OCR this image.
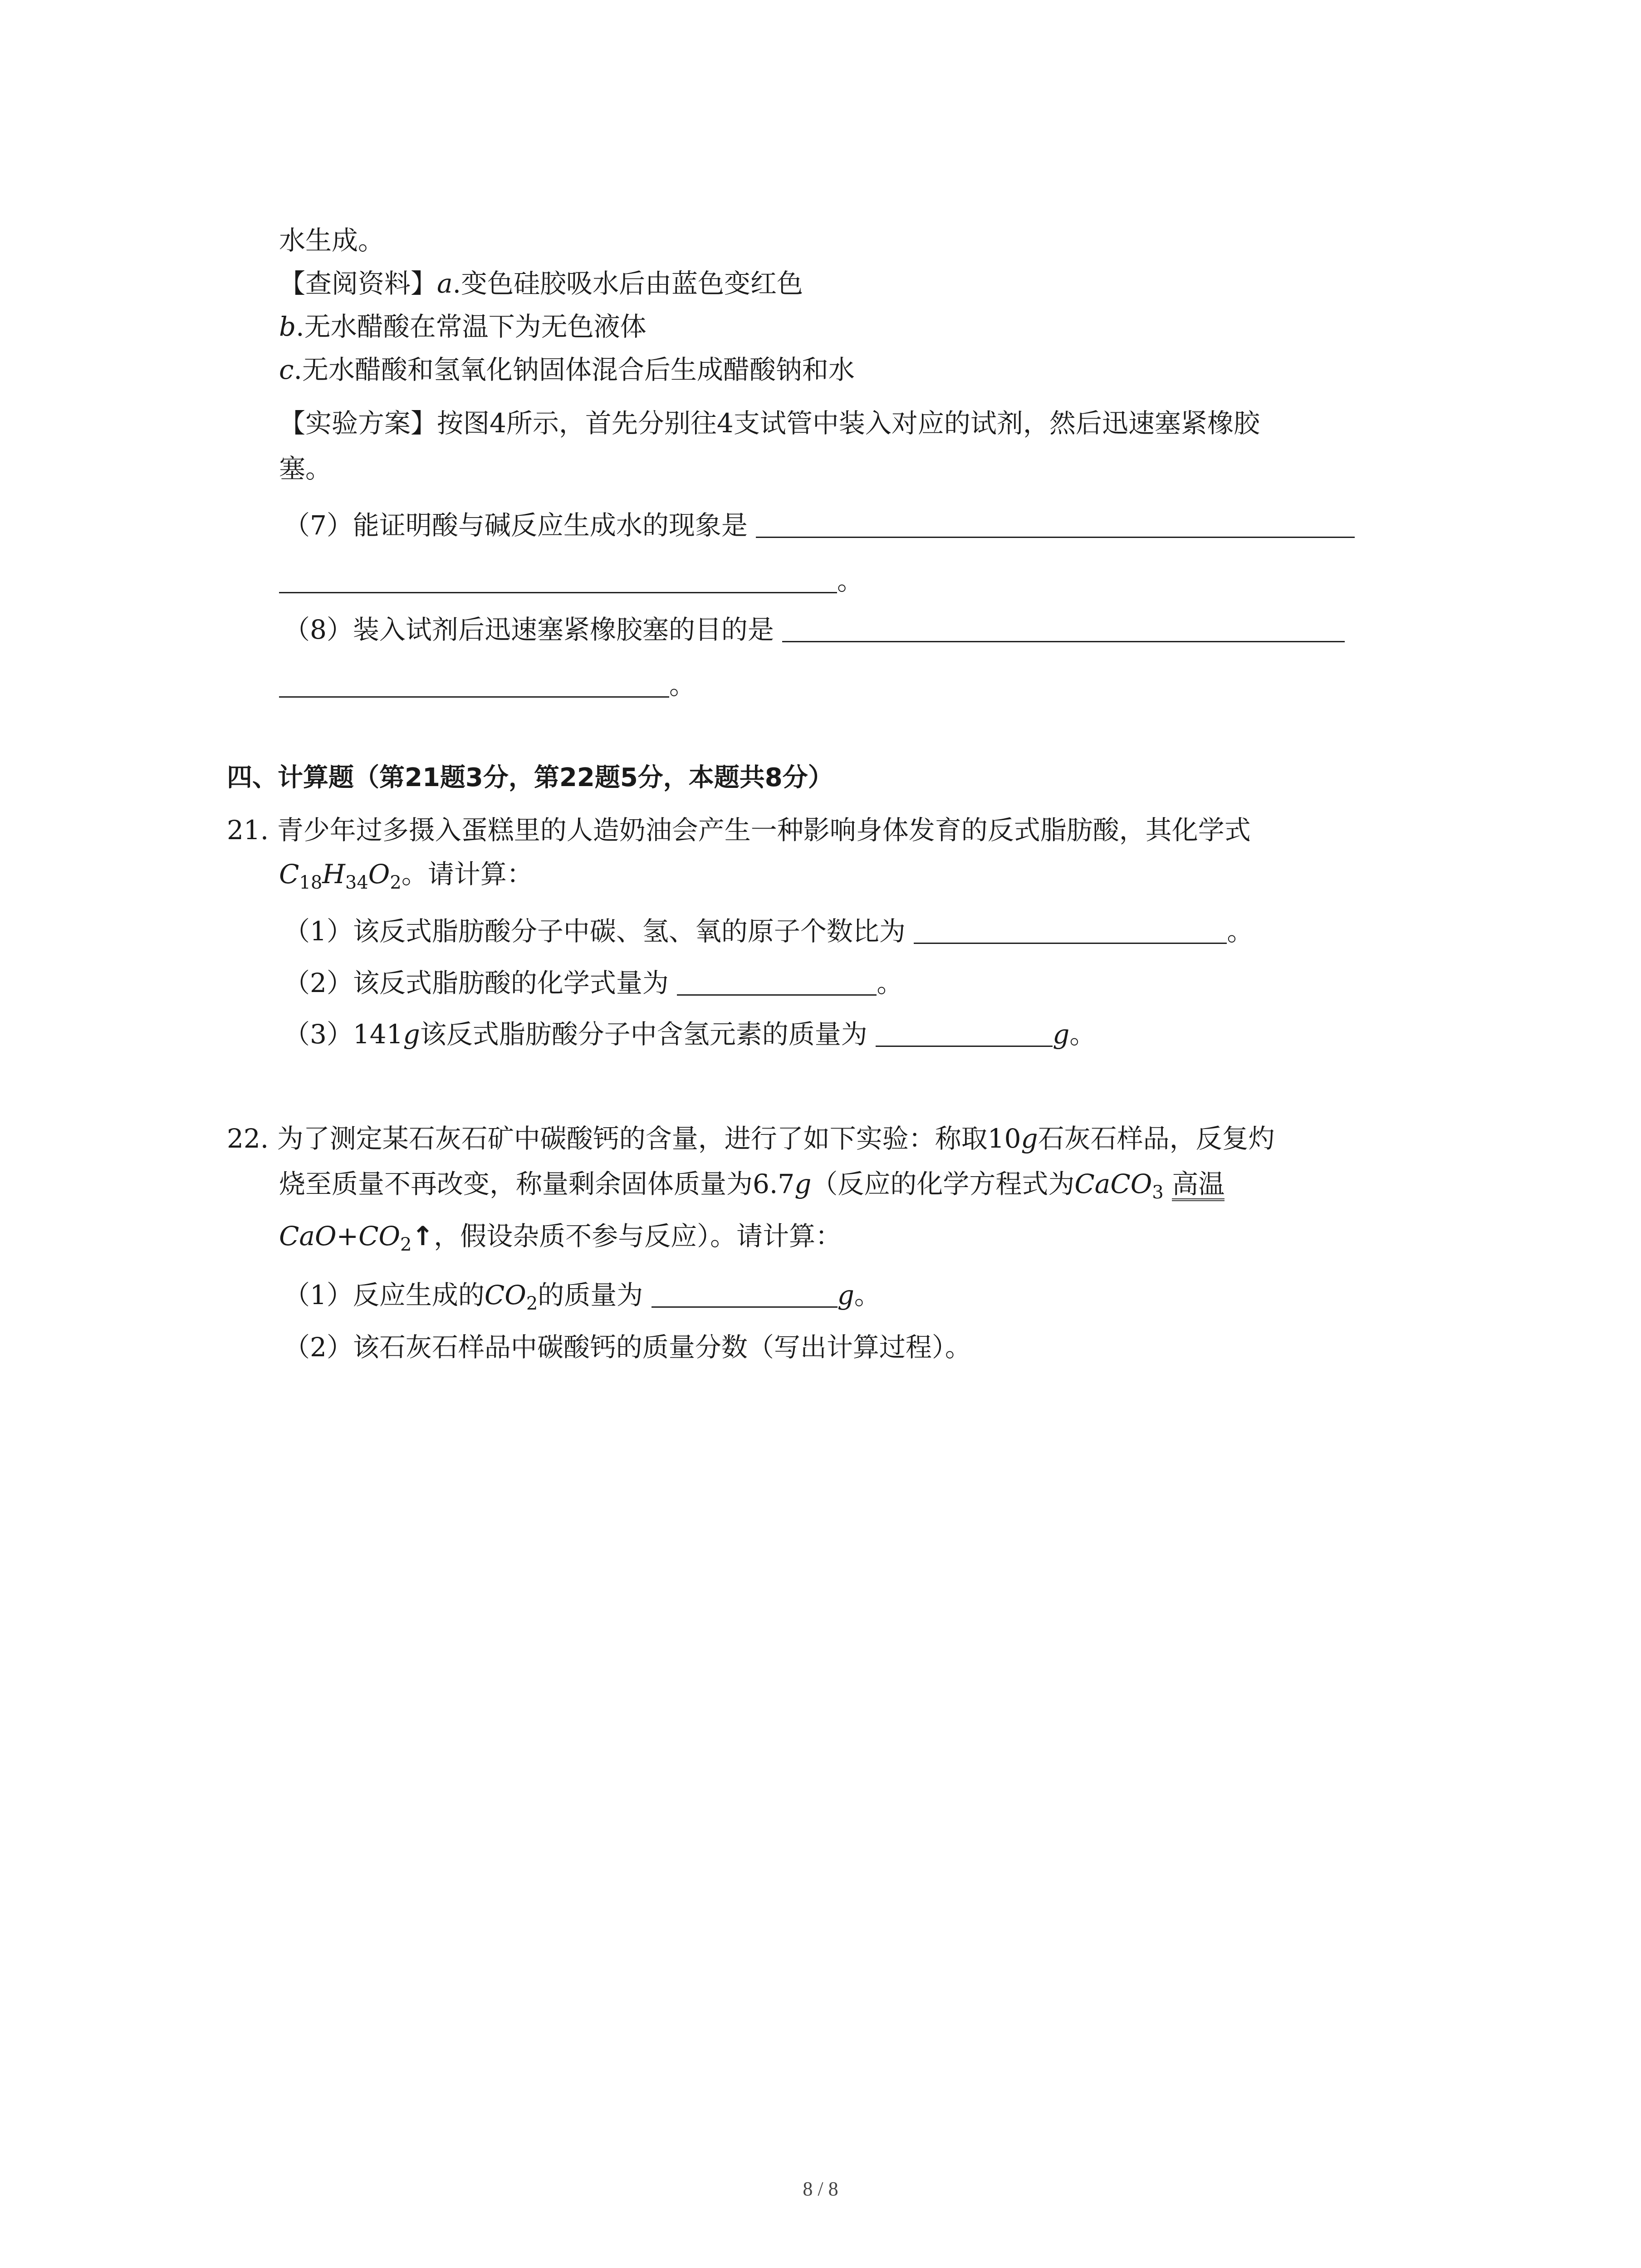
水生成。
【查阅资料】a.变色硅胶吸水后由蓝色变红色
b.无水醋酸在常温下为无色液体
c.无水醋酸和氢氧化钠固体混合后生成醋酸钠和水
【实验方案】按图4所示，首先分别往4支试管中装入对应的试剂，然后迅速塞紧橡胶
塞。
（7）能证明酸与碱反应生成水的现象是
。
（8）装入试剂后迅速塞紧橡胶塞的目的是
。
四、计算题（第21题3分，第22题5分，本题共8分）
21. 青少年过多摄入蛋糕里的人造奶油会产生一种影响身体发育的反式脂肪酸，其化学式
$C_{18}H_{34}O_2$。请计算：
（1）该反式脂肪酸分子中碳、氢、氧的原子个数比为	。
（2）该反式脂肪酸的化学式量为	。
（3）141g该反式脂肪酸分子中含氢元素的质量为	g。
22. 为了测定某石灰石矿中碳酸钙的含量，进行了如下实验：称取10g石灰石样品，反复灼
烧至质量不再改变，称量剩余固体质量为6.7g（反应的化学方程式为CaCO$_3$ 高温
$CaO+CO_2↑$，假设杂质不参与反应）。请计算：
（1）反应生成的$CO_2$的质量为	g。
（2）该石灰石样品中碳酸钙的质量分数（写出计算过程）。
8 / 8
